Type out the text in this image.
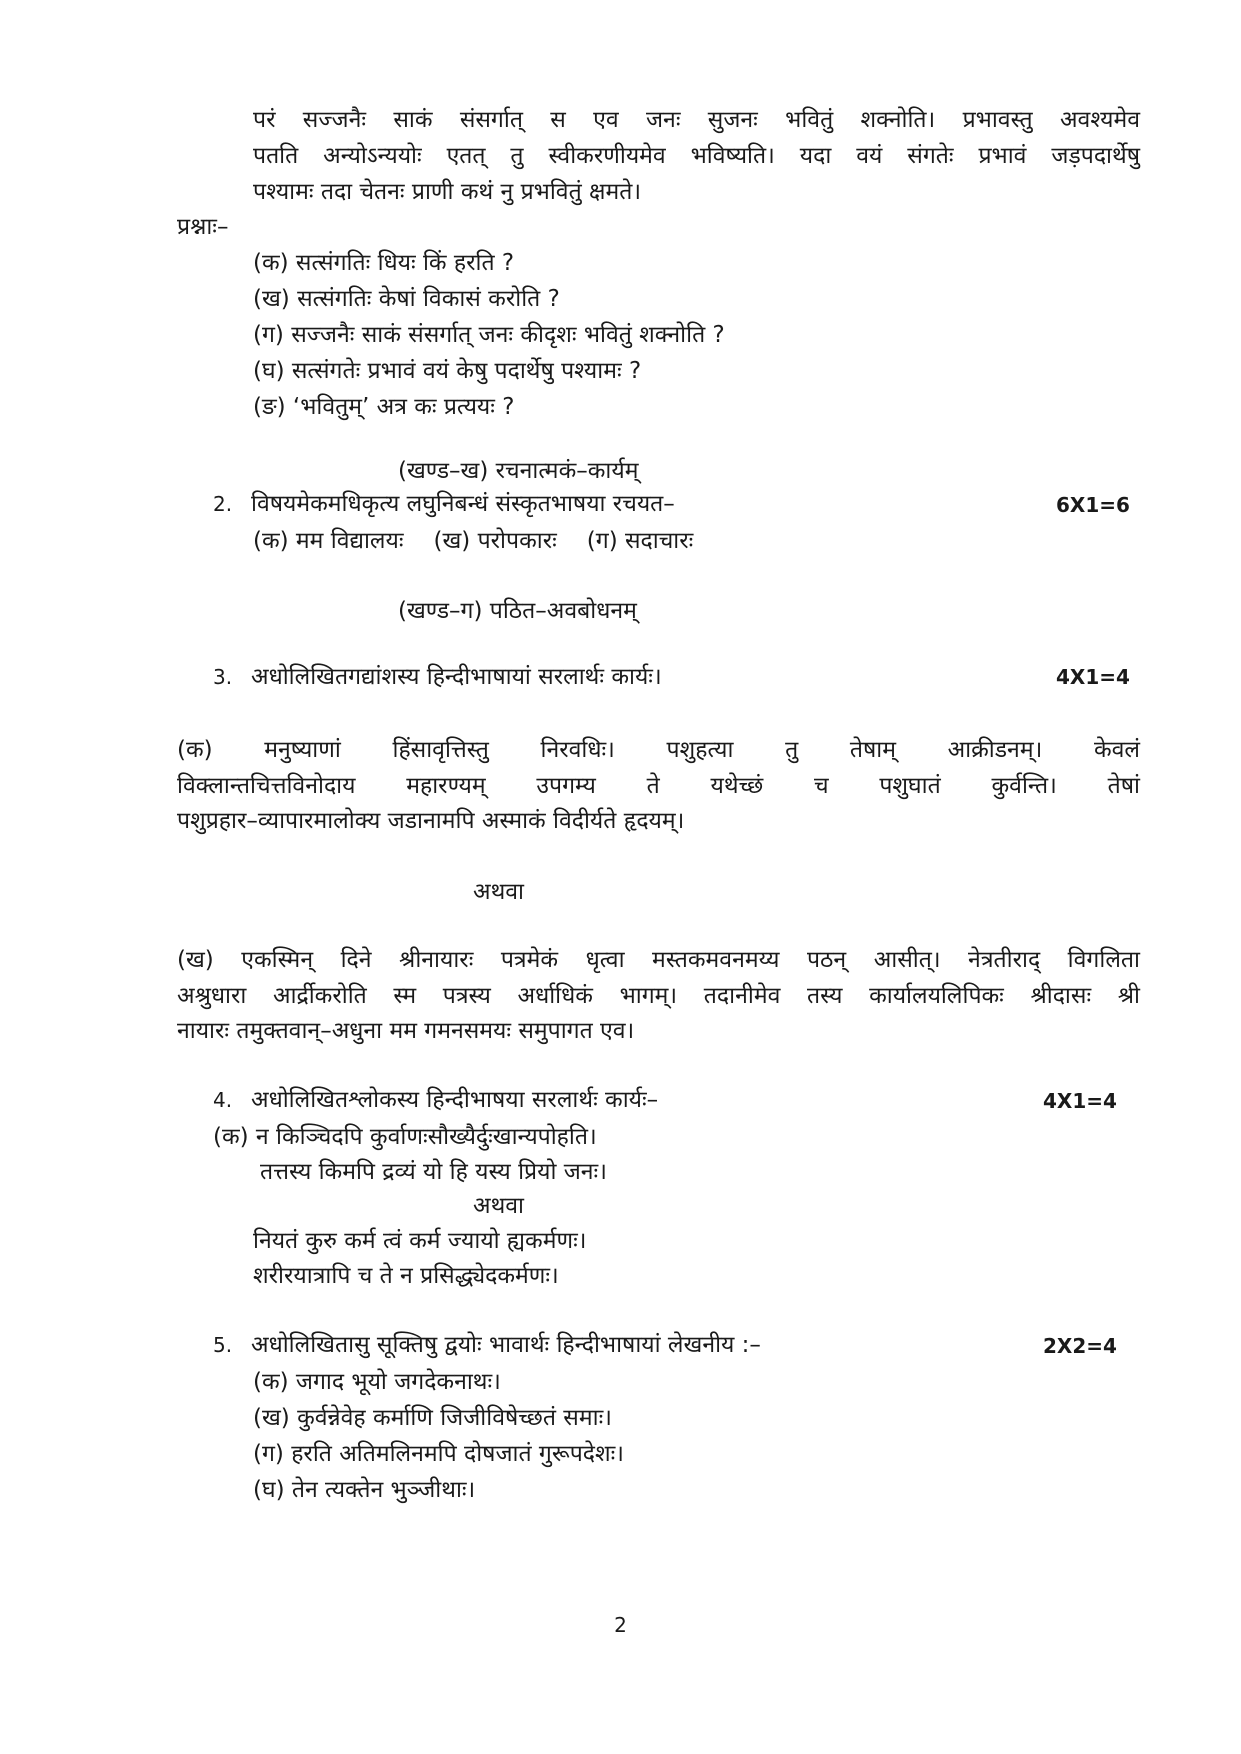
परं सज्जनैः साकं संसर्गात् स एव जनः सुजनः भवितुं शक्नोति। प्रभावस्तु अवश्यमेव
पतति अन्योऽन्ययोः एतत् तु स्वीकरणीयमेव भविष्यति। यदा वयं संगतेः प्रभावं जड़पदार्थेषु
पश्यामः तदा चेतनः प्राणी कथं नु प्रभवितुं क्षमते।
प्रश्नाः–
(क) सत्संगतिः धियः किं हरति ?
(ख) सत्संगतिः केषां विकासं करोति ?
(ग) सज्जनैः साकं संसर्गात् जनः कीदृशः भवितुं शक्नोति ?
(घ) सत्संगतेः प्रभावं वयं केषु पदार्थेषु पश्यामः ?
(ङ) ‘भवितुम्’ अत्र कः प्रत्ययः ?
(खण्ड–ख) रचनात्मकं–कार्यम्
2. विषयमेकमधिकृत्य लघुनिबन्धं संस्कृतभाषया रचयत–	6X1=6
(क) मम विद्यालयः (ख) परोपकारः (ग) सदाचारः
(खण्ड–ग) पठित–अवबोधनम्
3. अधोलिखितगद्यांशस्य हिन्दीभाषायां सरलार्थः कार्यः।	4X1=4
(क) मनुष्याणां हिंसावृत्तिस्तु निरवधिः। पशुहत्या तु तेषाम् आक्रीडनम्। केवलं
विक्लान्तचित्तविनोदाय महारण्यम् उपगम्य ते यथेच्छं च पशुघातं कुर्वन्ति। तेषां
पशुप्रहार–व्यापारमालोक्य जडानामपि अस्माकं विदीर्यते हृदयम्।
अथवा
(ख) एकस्मिन् दिने श्रीनायारः पत्रमेकं धृत्वा मस्तकमवनमय्य पठन् आसीत्। नेत्रतीराद् विगलिता
अश्रुधारा आर्द्रीकरोति स्म पत्रस्य अर्धाधिकं भागम्। तदानीमेव तस्य कार्यालयलिपिकः श्रीदासः श्री
नायारः तमुक्तवान्–अधुना मम गमनसमयः समुपागत एव।
4. अधोलिखितश्लोकस्य हिन्दीभाषया सरलार्थः कार्यः–	4X1=4
(क) न किञ्चिदपि कुर्वाणःसौख्यैर्दुःखान्यपोहति।
तत्तस्य किमपि द्रव्यं यो हि यस्य प्रियो जनः।
अथवा
नियतं कुरु कर्म त्वं कर्म ज्यायो ह्यकर्मणः।
शरीरयात्रापि च ते न प्रसिद्ध्येदकर्मणः।
5. अधोलिखितासु सूक्तिषु द्वयोः भावार्थः हिन्दीभाषायां लेखनीय :–	2X2=4
(क) जगाद भूयो जगदेकनाथः।
(ख) कुर्वन्नेवेह कर्माणि जिजीविषेच्छतं समाः।
(ग) हरति अतिमलिनमपि दोषजातं गुरूपदेशः।
(घ) तेन त्यक्तेन भुञ्जीथाः।
2
